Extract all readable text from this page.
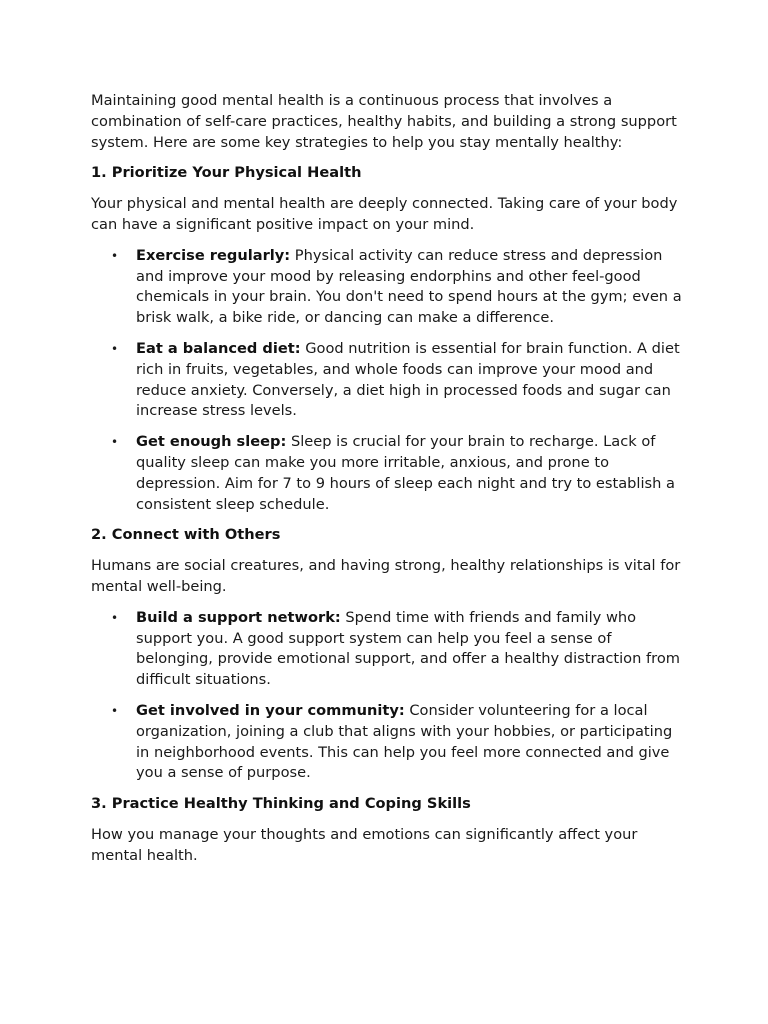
Maintaining good mental health is a continuous process that involves a combination of self-care practices, healthy habits, and building a strong support system. Here are some key strategies to help you stay mentally healthy:

1. Prioritize Your Physical Health

Your physical and mental health are deeply connected. Taking care of your body can have a significant positive impact on your mind.

• Exercise regularly: Physical activity can reduce stress and depression and improve your mood by releasing endorphins and other feel-good chemicals in your brain. You don't need to spend hours at the gym; even a brisk walk, a bike ride, or dancing can make a difference.
• Eat a balanced diet: Good nutrition is essential for brain function. A diet rich in fruits, vegetables, and whole foods can improve your mood and reduce anxiety. Conversely, a diet high in processed foods and sugar can increase stress levels.
• Get enough sleep: Sleep is crucial for your brain to recharge. Lack of quality sleep can make you more irritable, anxious, and prone to depression. Aim for 7 to 9 hours of sleep each night and try to establish a consistent sleep schedule.
2. Connect with Others

Humans are social creatures, and having strong, healthy relationships is vital for mental well-being.

• Build a support network: Spend time with friends and family who support you. A good support system can help you feel a sense of belonging, provide emotional support, and offer a healthy distraction from difficult situations.
• Get involved in your community: Consider volunteering for a local organization, joining a club that aligns with your hobbies, or participating in neighborhood events. This can help you feel more connected and give you a sense of purpose.
3. Practice Healthy Thinking and Coping Skills

How you manage your thoughts and emotions can significantly affect your mental health.
